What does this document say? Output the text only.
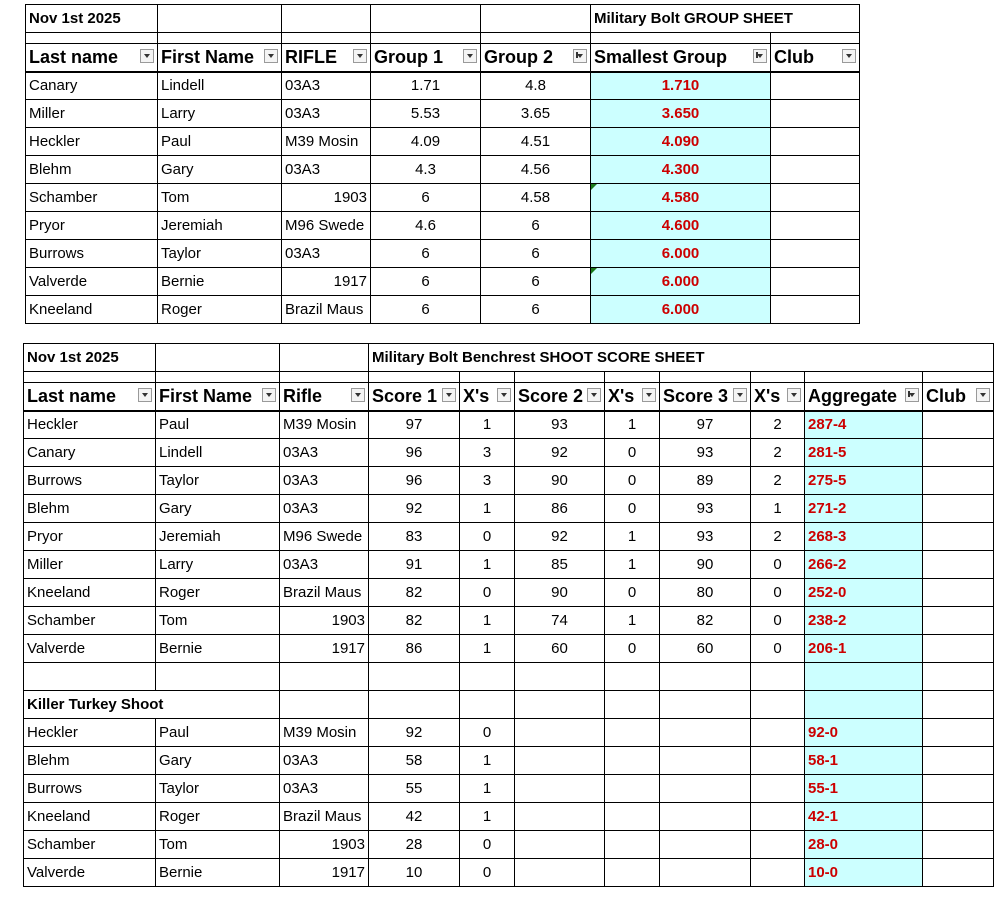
Nov 1st 2025					Military Bolt GROUP SHEET	

Last name	First Name	RIFLE	Group 1	Group 2	Smallest Group	Club

Canary	Lindell	03A3	1.71	4.8	1.710	
Miller	Larry	03A3	5.53	3.65	3.650	
Heckler	Paul	M39 Mosin	4.09	4.51	4.090	
Blehm	Gary	03A3	4.3	4.56	4.300	
Schamber	Tom	1903	6	4.58	4.580

Pryor	Jeremiah	M96 Swede	4.6	6	4.600	
Burrows	Taylor	03A3	6	6	6.000	
Valverde	Bernie	1917	6	6	6.000

Kneeland	Roger	Brazil Maus	6	6	6.000	
Nov 1st 2025			Military Bolt Benchrest SHOOT SCORE SHEET							

Last name	First Name	Rifle	Score 1	X's	Score 2	X's	Score 3	X's	Aggregate	Club

Heckler	Paul	M39 Mosin	97	1	93	1	97	2	287-4	
Canary	Lindell	03A3	96	3	92	0	93	2	281-5	
Burrows	Taylor	03A3	96	3	90	0	89	2	275-5	
Blehm	Gary	03A3	92	1	86	0	93	1	271-2	
Pryor	Jeremiah	M96 Swede	83	0	92	1	93	2	268-3	
Miller	Larry	03A3	91	1	85	1	90	0	266-2	
Kneeland	Roger	Brazil Maus	82	0	90	0	80	0	252-0	
Schamber	Tom	1903	82	1	74	1	82	0	238-2	
Valverde	Bernie	1917	86	1	60	0	60	0	206-1	

Killer Turkey Shoot										
Heckler	Paul	M39 Mosin	92	0					92-0	
Blehm	Gary	03A3	58	1					58-1	
Burrows	Taylor	03A3	55	1					55-1	
Kneeland	Roger	Brazil Maus	42	1					42-1	
Schamber	Tom	1903	28	0					28-0	
Valverde	Bernie	1917	10	0					10-0	
